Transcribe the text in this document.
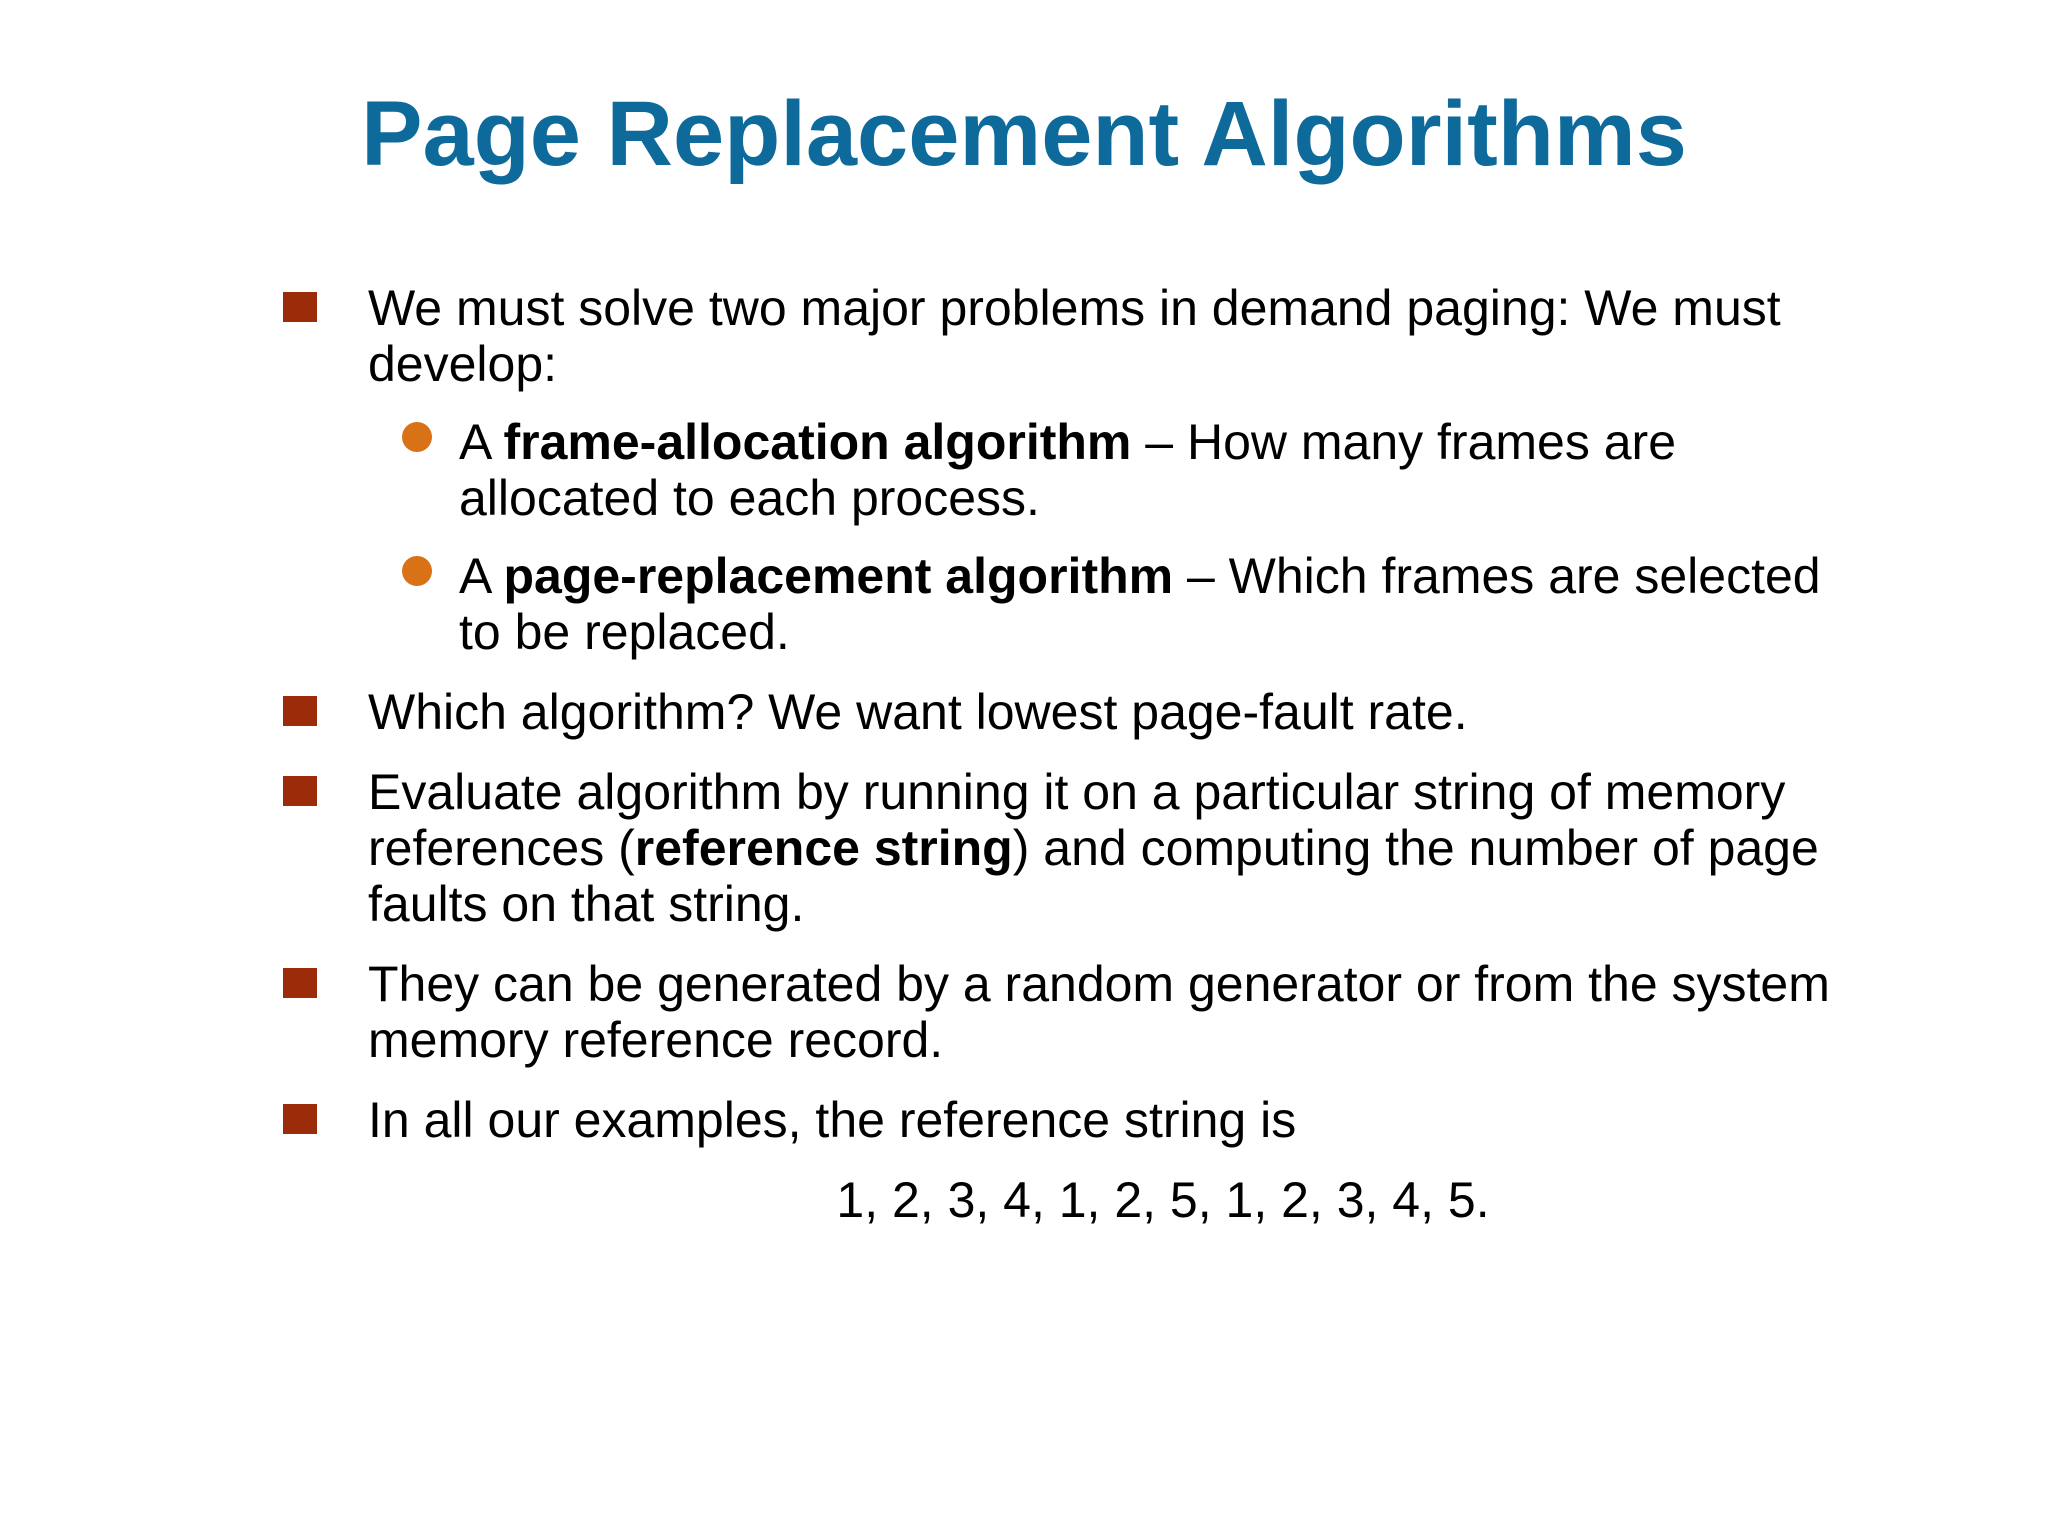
Page Replacement Algorithms
We must solve two major problems in demand paging: We must develop:
A frame-allocation algorithm – How many frames are allocated to each process.
A page-replacement algorithm – Which frames are selected to be replaced.
Which algorithm? We want lowest page-fault rate.
Evaluate algorithm by running it on a particular string of memory references (reference string) and computing the number of page faults on that string.
They can be generated by a random generator or from the system memory reference record.
In all our examples, the reference string is
1, 2, 3, 4, 1, 2, 5, 1, 2, 3, 4, 5.
